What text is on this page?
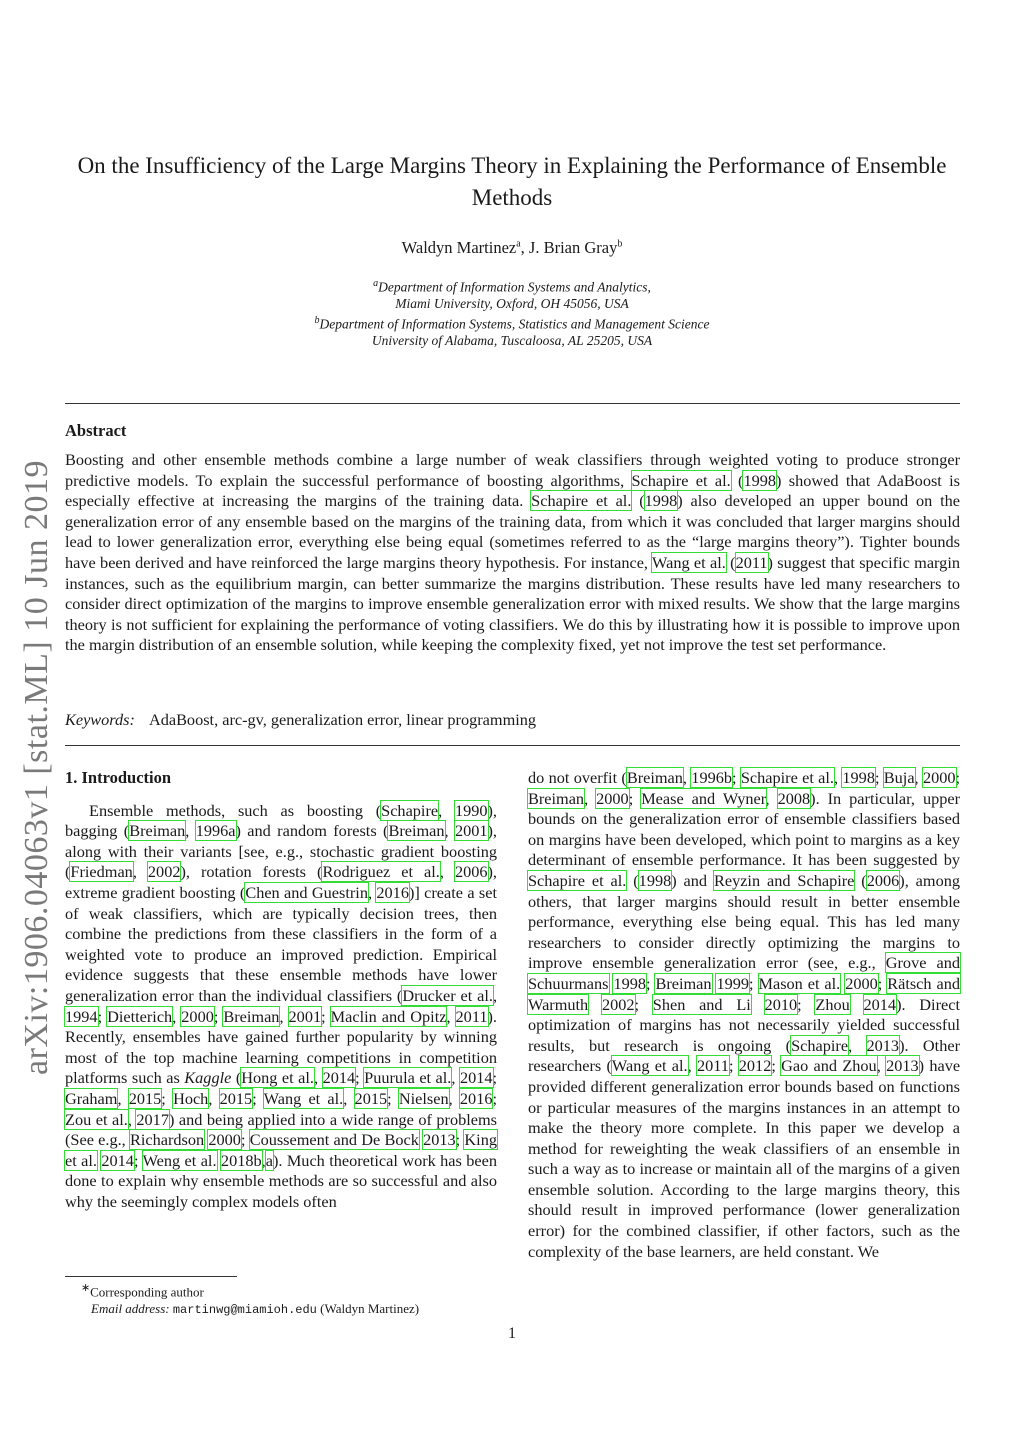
arXiv:1906.04063v1 [stat.ML] 10 Jun 2019
On the Insufficiency of the Large Margins Theory in Explaining the Performance of Ensemble Methods
Waldyn Martinez$^a$, J. Brian Gray$^b$
$^a$Department of Information Systems and Analytics,
Miami University, Oxford, OH 45056, USA
$^b$Department of Information Systems, Statistics and Management Science
University of Alabama, Tuscaloosa, AL 25205, USA
Abstract
Boosting and other ensemble methods combine a large number of weak classifiers through weighted voting to produce stronger predictive models. To explain the successful performance of boosting algorithms, Schapire et al. (1998) showed that AdaBoost is especially effective at increasing the margins of the training data. Schapire et al. (1998) also developed an upper bound on the generalization error of any ensemble based on the margins of the training data, from which it was concluded that larger margins should lead to lower generalization error, everything else being equal (sometimes referred to as the “large margins theory”). Tighter bounds have been derived and have reinforced the large margins theory hypothesis. For instance, Wang et al. (2011) suggest that specific margin instances, such as the equilibrium margin, can better summarize the margins distribution. These results have led many researchers to consider direct optimization of the margins to improve ensemble generalization error with mixed results. We show that the large margins theory is not sufficient for explaining the performance of voting classifiers. We do this by illustrating how it is possible to improve upon the margin distribution of an ensemble solution, while keeping the complexity fixed, yet not improve the test set performance.
Keywords: AdaBoost, arc-gv, generalization error, linear programming
1. Introduction
Ensemble methods, such as boosting (Schapire, 1990), bagging (Breiman, 1996a) and random forests (Breiman, 2001), along with their variants [see, e.g., stochastic gradient boosting (Friedman, 2002), rotation forests (Rodriguez et al., 2006), extreme gradient boosting (Chen and Guestrin, 2016)] create a set of weak classifiers, which are typically decision trees, then combine the predictions from these classifiers in the form of a weighted vote to produce an improved prediction. Empirical evidence suggests that these ensemble methods have lower generalization error than the individual classifiers (Drucker et al., 1994; Dietterich, 2000; Breiman, 2001; Maclin and Opitz, 2011). Recently, ensembles have gained further popularity by winning most of the top machine learning competitions in competition platforms such as Kaggle (Hong et al., 2014; Puurula et al., 2014; Graham, 2015; Hoch, 2015; Wang et al., 2015; Nielsen, 2016; Zou et al., 2017) and being applied into a wide range of problems (See e.g., Richardson 2000; Coussement and De Bock 2013; King et al. 2014; Weng et al. 2018b,a). Much theoretical work has been done to explain why ensemble methods are so successful and also why the seemingly complex models often
do not overfit (Breiman, 1996b; Schapire et al., 1998; Buja, 2000; Breiman, 2000; Mease and Wyner, 2008). In particular, upper bounds on the generalization error of ensemble classifiers based on margins have been developed, which point to margins as a key determinant of ensemble performance. It has been suggested by Schapire et al. (1998) and Reyzin and Schapire (2006), among others, that larger margins should result in better ensemble performance, everything else being equal. This has led many researchers to consider directly optimizing the margins to improve ensemble generalization error (see, e.g., Grove and Schuurmans 1998; Breiman 1999; Mason et al. 2000; Rätsch and Warmuth 2002; Shen and Li 2010; Zhou 2014). Direct optimization of margins has not necessarily yielded successful results, but research is ongoing (Schapire, 2013). Other researchers (Wang et al., 2011; 2012; Gao and Zhou, 2013) have provided different generalization error bounds based on functions or particular measures of the margins instances in an attempt to make the theory more complete. In this paper we develop a method for reweighting the weak classifiers of an ensemble in such a way as to increase or maintain all of the margins of a given ensemble solution. According to the large margins theory, this should result in improved performance (lower generalization error) for the combined classifier, if other factors, such as the complexity of the base learners, are held constant. We
∗Corresponding author
Email address: martinwg@miamioh.edu (Waldyn Martinez)
1
